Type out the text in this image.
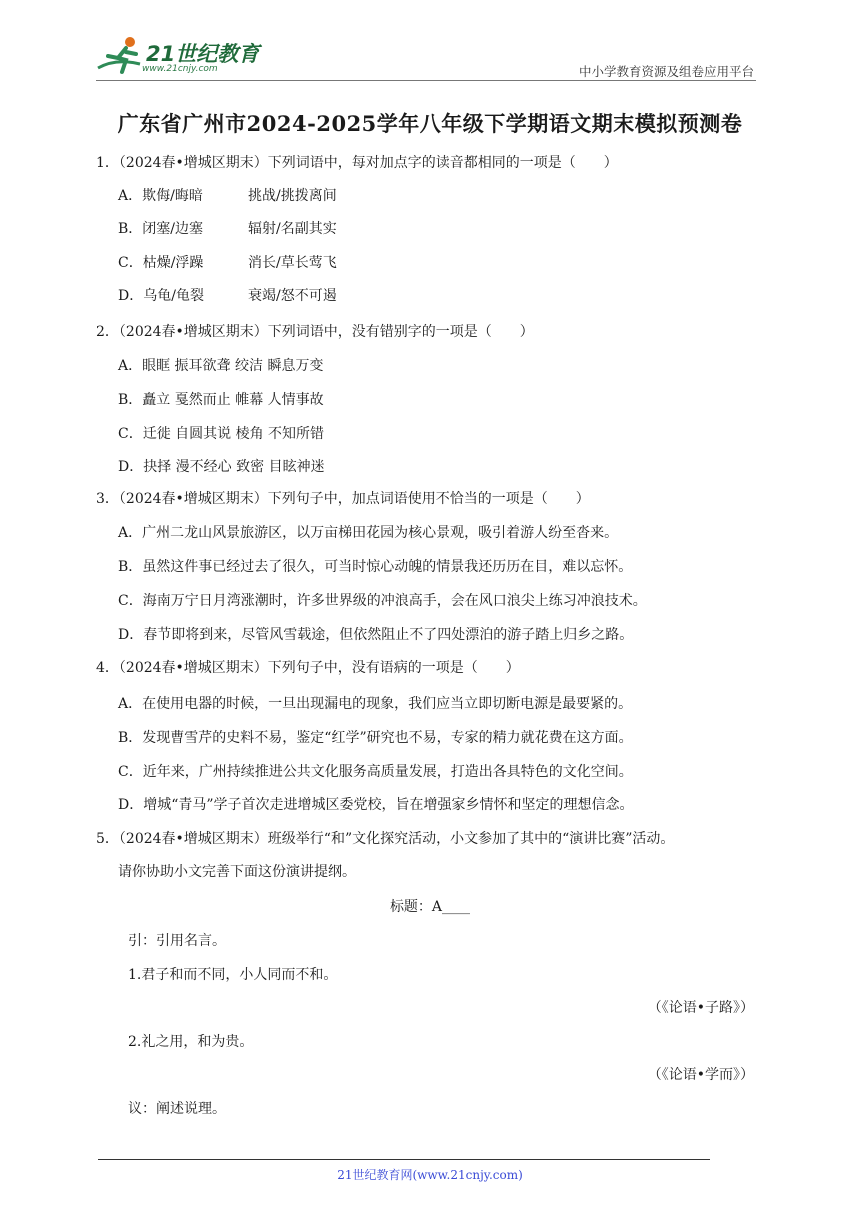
21世纪教育
www.21cnjy.com	中小学教育资源及组卷应用平台
广东省广州市2024-2025学年八年级下学期语文期末模拟预测卷
1．（2024春•增城区期末）下列词语中，每对加点字的读音都相同的一项是（　　）
A．欺侮/晦暗	挑战/挑拨离间
B．闭塞/边塞	辐射/名副其实
C．枯燥/浮躁	消长/草长莺飞
D．乌龟/龟裂	衰竭/怒不可遏
2．（2024春•增城区期末）下列词语中，没有错别字的一项是（　　）
A．眼眶 振耳欲聋 绞洁 瞬息万变
B．矗立 戛然而止 帷幕 人情事故
C．迁徙 自圆其说 棱角 不知所错
D．抉择 漫不经心 致密 目眩神迷
3．（2024春•增城区期末）下列句子中，加点词语使用不恰当的一项是（　　）
A．广州二龙山风景旅游区，以万亩梯田花园为核心景观，吸引着游人纷至沓来。
B．虽然这件事已经过去了很久，可当时惊心动魄的情景我还历历在目，难以忘怀。
C．海南万宁日月湾涨潮时，许多世界级的冲浪高手，会在风口浪尖上练习冲浪技术。
D．春节即将到来，尽管风雪载途，但依然阻止不了四处漂泊的游子踏上归乡之路。
4．（2024春•增城区期末）下列句子中，没有语病的一项是（　　）
A．在使用电器的时候，一旦出现漏电的现象，我们应当立即切断电源是最要紧的。
B．发现曹雪芹的史料不易，鉴定“红学”研究也不易，专家的精力就花费在这方面。
C．近年来，广州持续推进公共文化服务高质量发展，打造出各具特色的文化空间。
D．增城“青马”学子首次走进增城区委党校，旨在增强家乡情怀和坚定的理想信念。
5．（2024春•增城区期末）班级举行“和”文化探究活动，小文参加了其中的“演讲比赛”活动。
请你协助小文完善下面这份演讲提纲。
标题：A____
引：引用名言。
1.君子和而不同，小人同而不和。
（《论语•子路》）
2.礼之用，和为贵。
（《论语•学而》）
议：阐述说理。
21世纪教育网(www.21cnjy.com)
